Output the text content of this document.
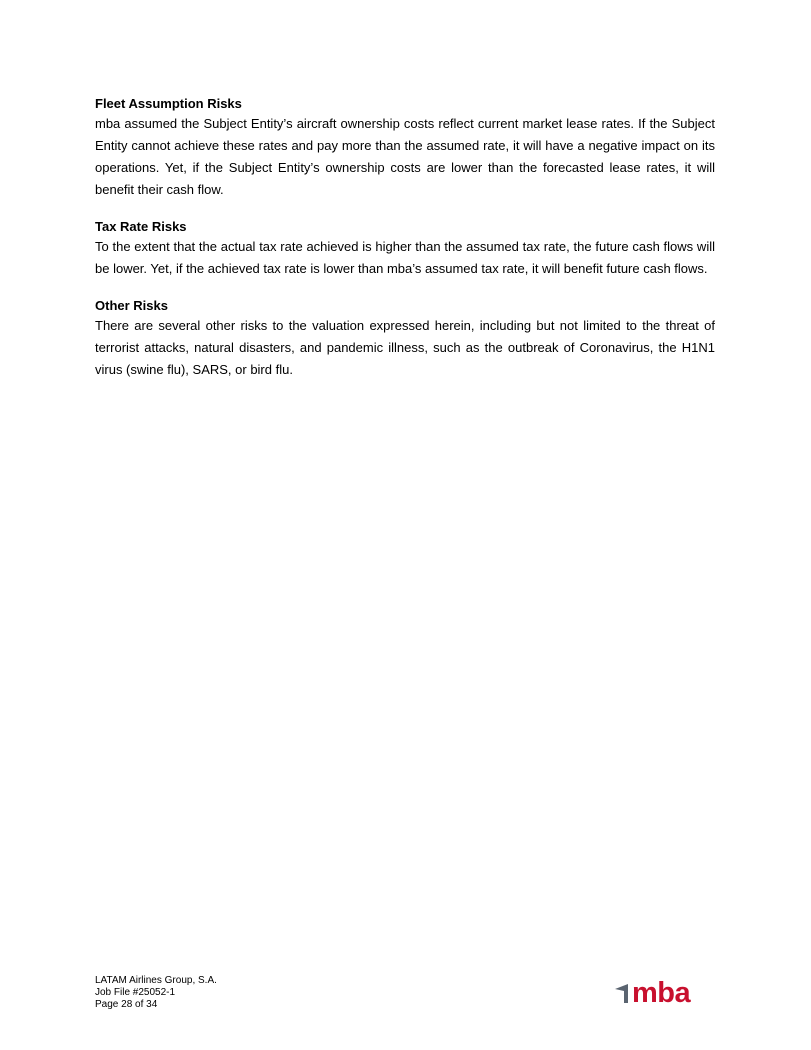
Fleet Assumption Risks

mba assumed the Subject Entity’s aircraft ownership costs reflect current market lease rates. If the Subject Entity cannot achieve these rates and pay more than the assumed rate, it will have a negative impact on its operations. Yet, if the Subject Entity’s ownership costs are lower than the forecasted lease rates, it will benefit their cash flow.

Tax Rate Risks

To the extent that the actual tax rate achieved is higher than the assumed tax rate, the future cash flows will be lower. Yet, if the achieved tax rate is lower than mba’s assumed tax rate, it will benefit future cash flows.

Other Risks

There are several other risks to the valuation expressed herein, including but not limited to the threat of terrorist attacks, natural disasters, and pandemic illness, such as the outbreak of Coronavirus, the H1N1 virus (swine flu), SARS, or bird flu.

LATAM Airlines Group, S.A.
Job File #25052-1
Page 28 of 34	mba
